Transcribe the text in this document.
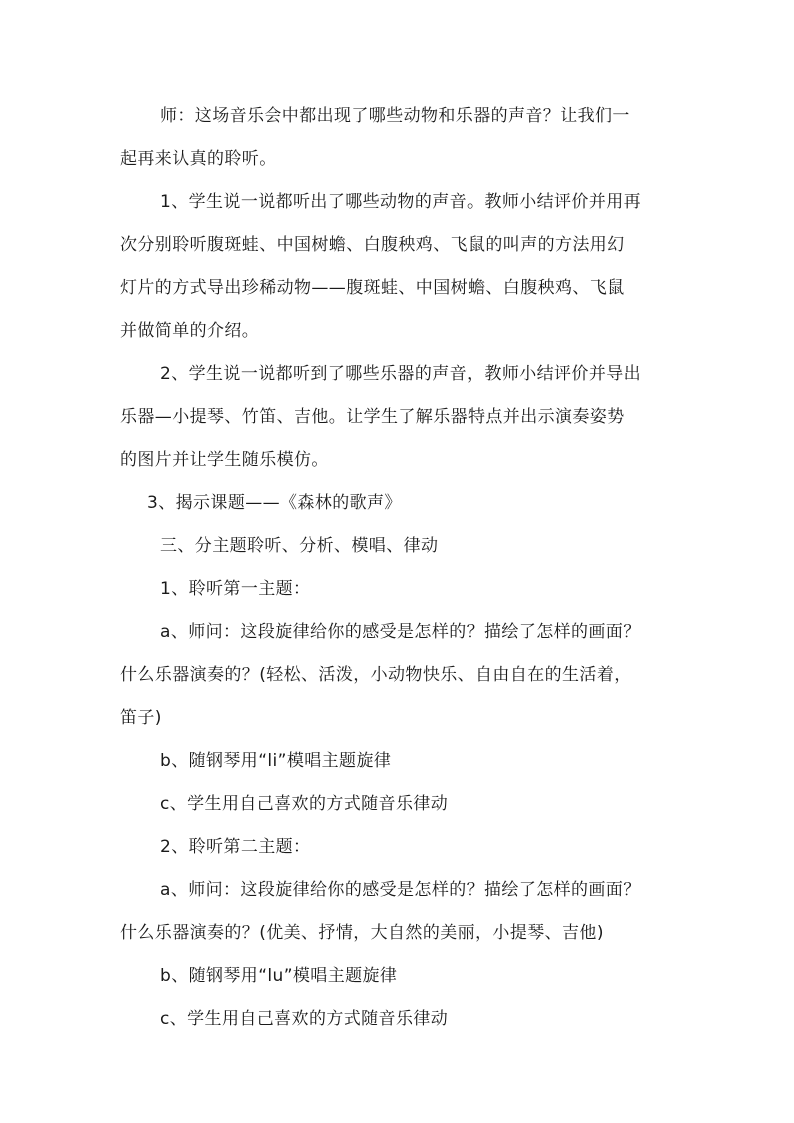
师：这场音乐会中都出现了哪些动物和乐器的声音？让我们一
起再来认真的聆听。
1、学生说一说都听出了哪些动物的声音。教师小结评价并用再
次分别聆听腹斑蛙、中国树蟾、白腹秧鸡、飞鼠的叫声的方法用幻
灯片的方式导出珍稀动物——腹斑蛙、中国树蟾、白腹秧鸡、飞鼠
并做简单的介绍。
2、学生说一说都听到了哪些乐器的声音，教师小结评价并导出
乐器—小提琴、竹笛、吉他。让学生了解乐器特点并出示演奏姿势
的图片并让学生随乐模仿。
3、揭示课题——《森林的歌声》
三、分主题聆听、分析、模唱、律动
1、聆听第一主题：
a、师问：这段旋律给你的感受是怎样的？描绘了怎样的画面？
什么乐器演奏的？(轻松、活泼，小动物快乐、自由自在的生活着，
笛子)
b、随钢琴用“li”模唱主题旋律
c、学生用自己喜欢的方式随音乐律动
2、聆听第二主题：
a、师问：这段旋律给你的感受是怎样的？描绘了怎样的画面？
什么乐器演奏的？(优美、抒情，大自然的美丽，小提琴、吉他)
b、随钢琴用“lu”模唱主题旋律
c、学生用自己喜欢的方式随音乐律动
